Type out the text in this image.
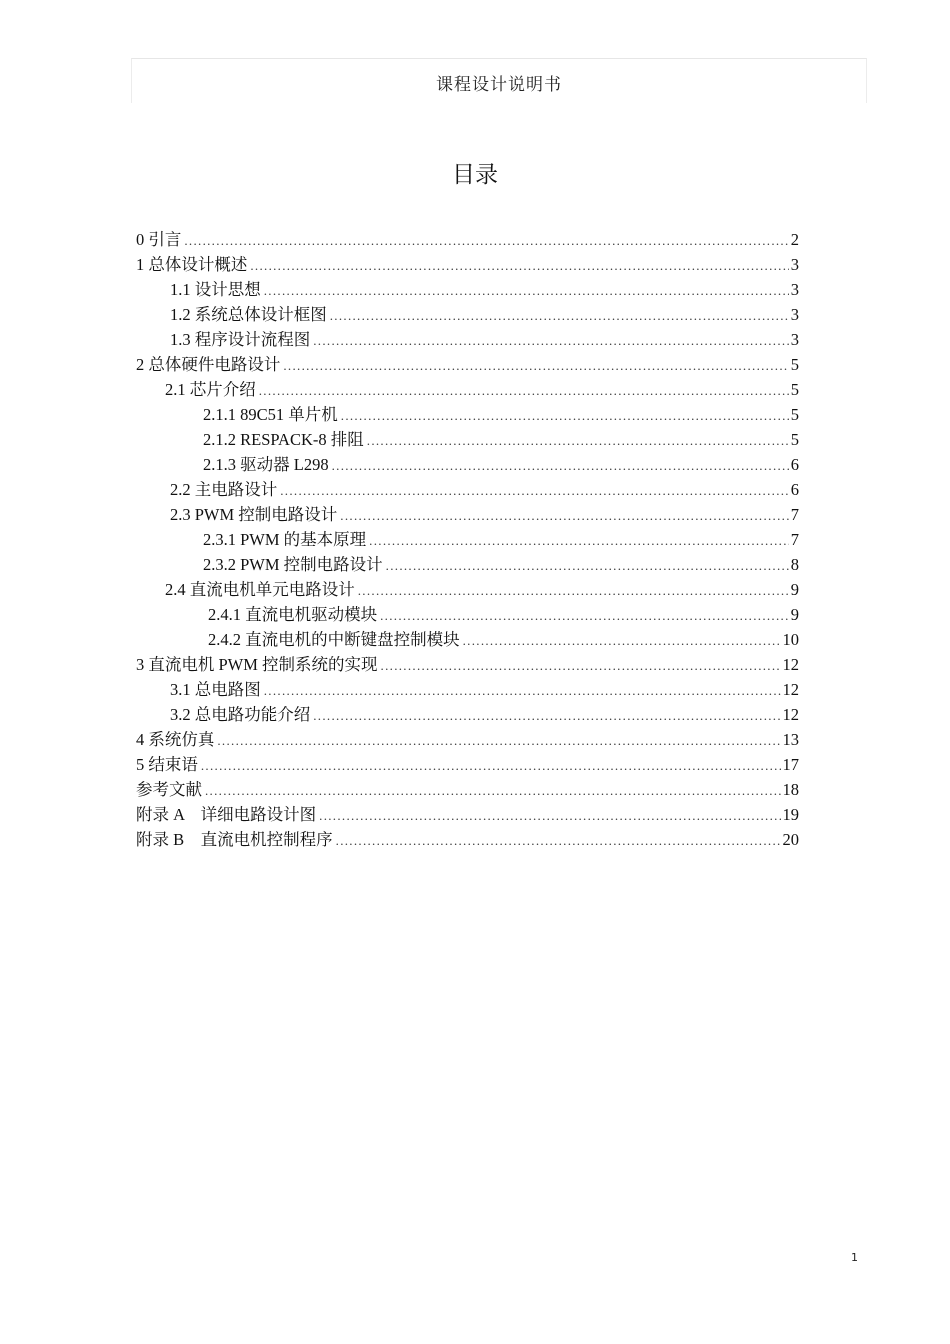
课程设计说明书
目录
0 引言 .....	2
1 总体设计概述 .....	3
1.1 设计思想 .....	3
1.2 系统总体设计框图 .....	3
1.3 程序设计流程图 .....	3
2 总体硬件电路设计 .....	5
2.1 芯片介绍 .....	5
2.1.1 89C51 单片机 .....	5
2.1.2 RESPACK-8 排阻 .....	5
2.1.3 驱动器 L298 .....	6
2.2 主电路设计 .....	6
2.3 PWM 控制电路设计 .....	7
2.3.1 PWM 的基本原理 .....	7
2.3.2 PWM 控制电路设计 .....	8
2.4 直流电机单元电路设计 .....	9
2.4.1 直流电机驱动模块 .....	9
2.4.2 直流电机的中断键盘控制模块 .....	10
3 直流电机 PWM 控制系统的实现 .....	12
3.1 总电路图 .....	12
3.2 总电路功能介绍 .....	12
4 系统仿真 .....	13
5 结束语 .....	17
参考文献 .....	18
附录 A    详细电路设计图 .....	19
附录 B    直流电机控制程序 .....	20
1
